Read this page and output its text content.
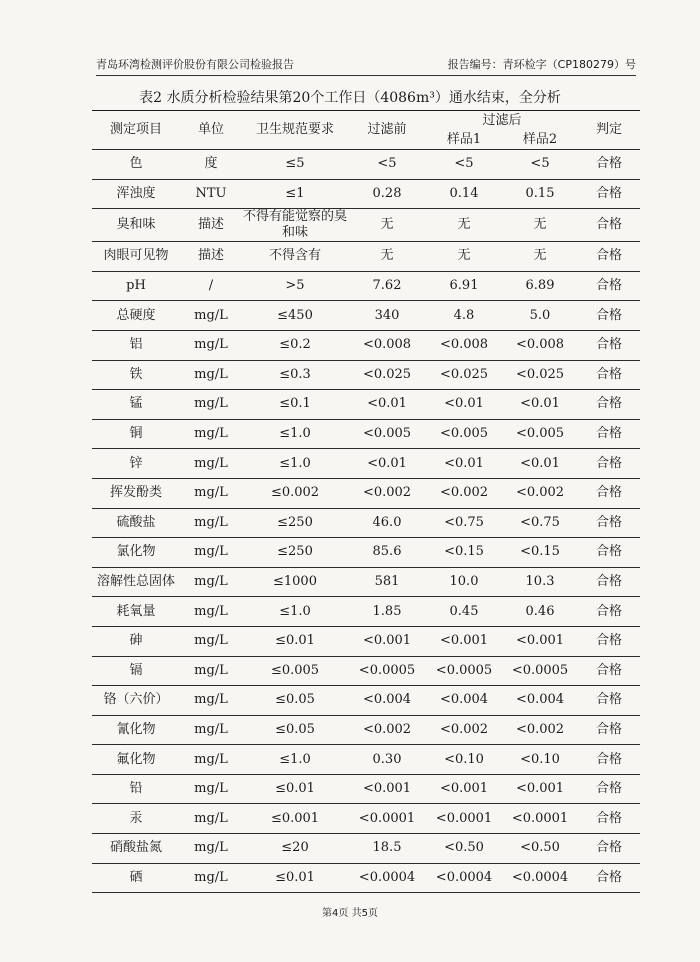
青岛环湾检测评价股份有限公司检验报告	报告编号：青环检字（CP180279）号
表2 水质分析检验结果第20个工作日（4086m³）通水结束，全分析
测定项目	单位	卫生规范要求	过滤前	过滤后		判定
				样品1	样品2	
色	度	≤5	<5	<5	<5	合格
浑浊度	NTU	≤1	0.28	0.14	0.15	合格
臭和味	描述	不得有能觉察的臭和味	无	无	无	合格
肉眼可见物	描述	不得含有	无	无	无	合格
pH	/	>5	7.62	6.91	6.89	合格
总硬度	mg/L	≤450	340	4.8	5.0	合格
铝	mg/L	≤0.2	<0.008	<0.008	<0.008	合格
铁	mg/L	≤0.3	<0.025	<0.025	<0.025	合格
锰	mg/L	≤0.1	<0.01	<0.01	<0.01	合格
铜	mg/L	≤1.0	<0.005	<0.005	<0.005	合格
锌	mg/L	≤1.0	<0.01	<0.01	<0.01	合格
挥发酚类	mg/L	≤0.002	<0.002	<0.002	<0.002	合格
硫酸盐	mg/L	≤250	46.0	<0.75	<0.75	合格
氯化物	mg/L	≤250	85.6	<0.15	<0.15	合格
溶解性总固体	mg/L	≤1000	581	10.0	10.3	合格
耗氧量	mg/L	≤1.0	1.85	0.45	0.46	合格
砷	mg/L	≤0.01	<0.001	<0.001	<0.001	合格
镉	mg/L	≤0.005	<0.0005	<0.0005	<0.0005	合格
铬（六价）	mg/L	≤0.05	<0.004	<0.004	<0.004	合格
氰化物	mg/L	≤0.05	<0.002	<0.002	<0.002	合格
氟化物	mg/L	≤1.0	0.30	<0.10	<0.10	合格
铅	mg/L	≤0.01	<0.001	<0.001	<0.001	合格
汞	mg/L	≤0.001	<0.0001	<0.0001	<0.0001	合格
硝酸盐氮	mg/L	≤20	18.5	<0.50	<0.50	合格
硒	mg/L	≤0.01	<0.0004	<0.0004	<0.0004	合格
第4页 共5页
